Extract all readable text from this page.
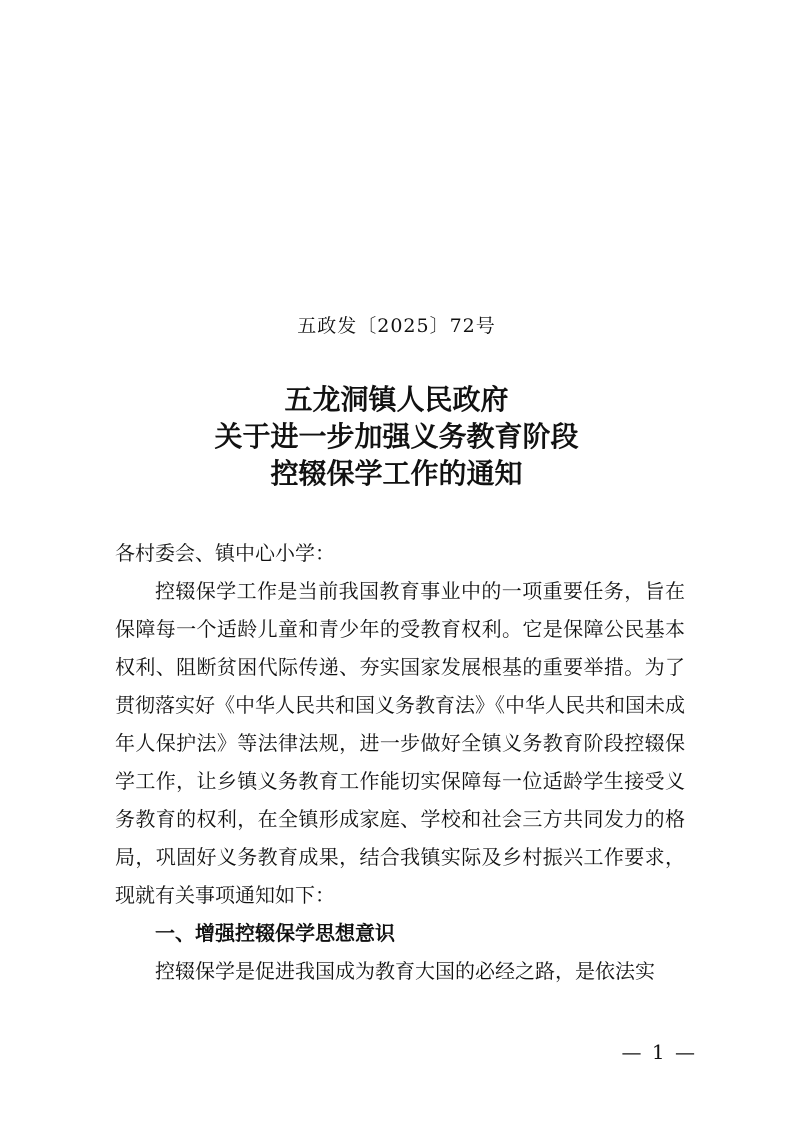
五政发〔2025〕72号
五龙洞镇人民政府
关于进一步加强义务教育阶段
控辍保学工作的通知

各村委会、镇中心小学：

控辍保学工作是当前我国教育事业中的一项重要任务，旨在保障每一个适龄儿童和青少年的受教育权利。它是保障公民基本权利、阻断贫困代际传递、夯实国家发展根基的重要举措。为了贯彻落实好《中华人民共和国义务教育法》《中华人民共和国未成年人保护法》等法律法规，进一步做好全镇义务教育阶段控辍保学工作，让乡镇义务教育工作能切实保障每一位适龄学生接受义务教育的权利，在全镇形成家庭、学校和社会三方共同发力的格局，巩固好义务教育成果，结合我镇实际及乡村振兴工作要求，现就有关事项通知如下：

一、增强控辍保学思想意识

控辍保学是促进我国成为教育大国的必经之路，是依法实

— 1 —
